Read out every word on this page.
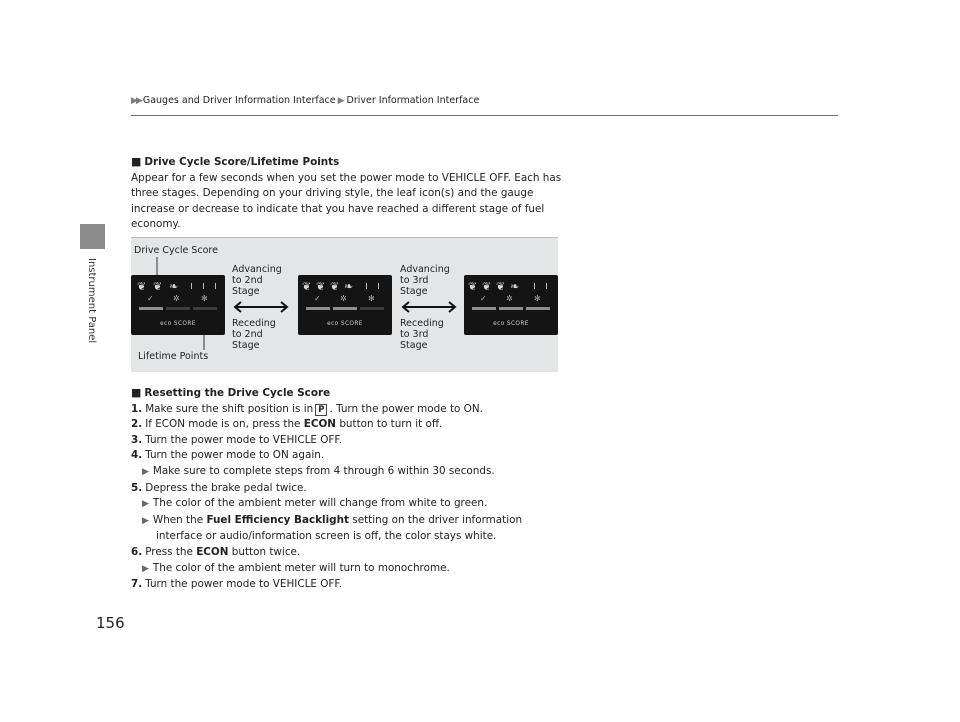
Instrument Panel
▶▶ Gauges and Driver Information Interface ▶ Driver Information Interface

■ Drive Cycle Score/Lifetime Points

Appear for a few seconds when you set the power mode to VEHICLE OFF. Each has three stages. Depending on your driving style, the leaf icon(s) and the gauge increase or decrease to indicate that you have reached a different stage of fuel economy.

■ Resetting the Drive Cycle Score

1. Make sure the shift position is in P . Turn the power mode to ON.

2. If ECON mode is on, press the ECON button to turn it off.

3. Turn the power mode to VEHICLE OFF.

4. Turn the power mode to ON again.

▶ Make sure to complete steps from 4 through 6 within 30 seconds.

5. Depress the brake pedal twice.

▶ The color of the ambient meter will change from white to green.

▶ When the Fuel Efficiency Backlight setting on the driver information

interface or audio/information screen is off, the color stays white.

6. Press the ECON button twice.

▶ The color of the ambient meter will turn to monochrome.

7. Turn the power mode to VEHICLE OFF.

Drive Cycle Score
Lifetime Points
Advancing
to 2nd
Stage
Receding
to 2nd
Stage
Advancing
to 3rd
Stage
Receding
to 3rd
Stage
❦ ❦ ❧
✓ ✲	✻
eco SCORE
❦ ❦ ❦ ❧
✓ ✲	✻
eco SCORE
❦ ❦ ❦ ❧
✓ ✲	✻
eco SCORE
156
